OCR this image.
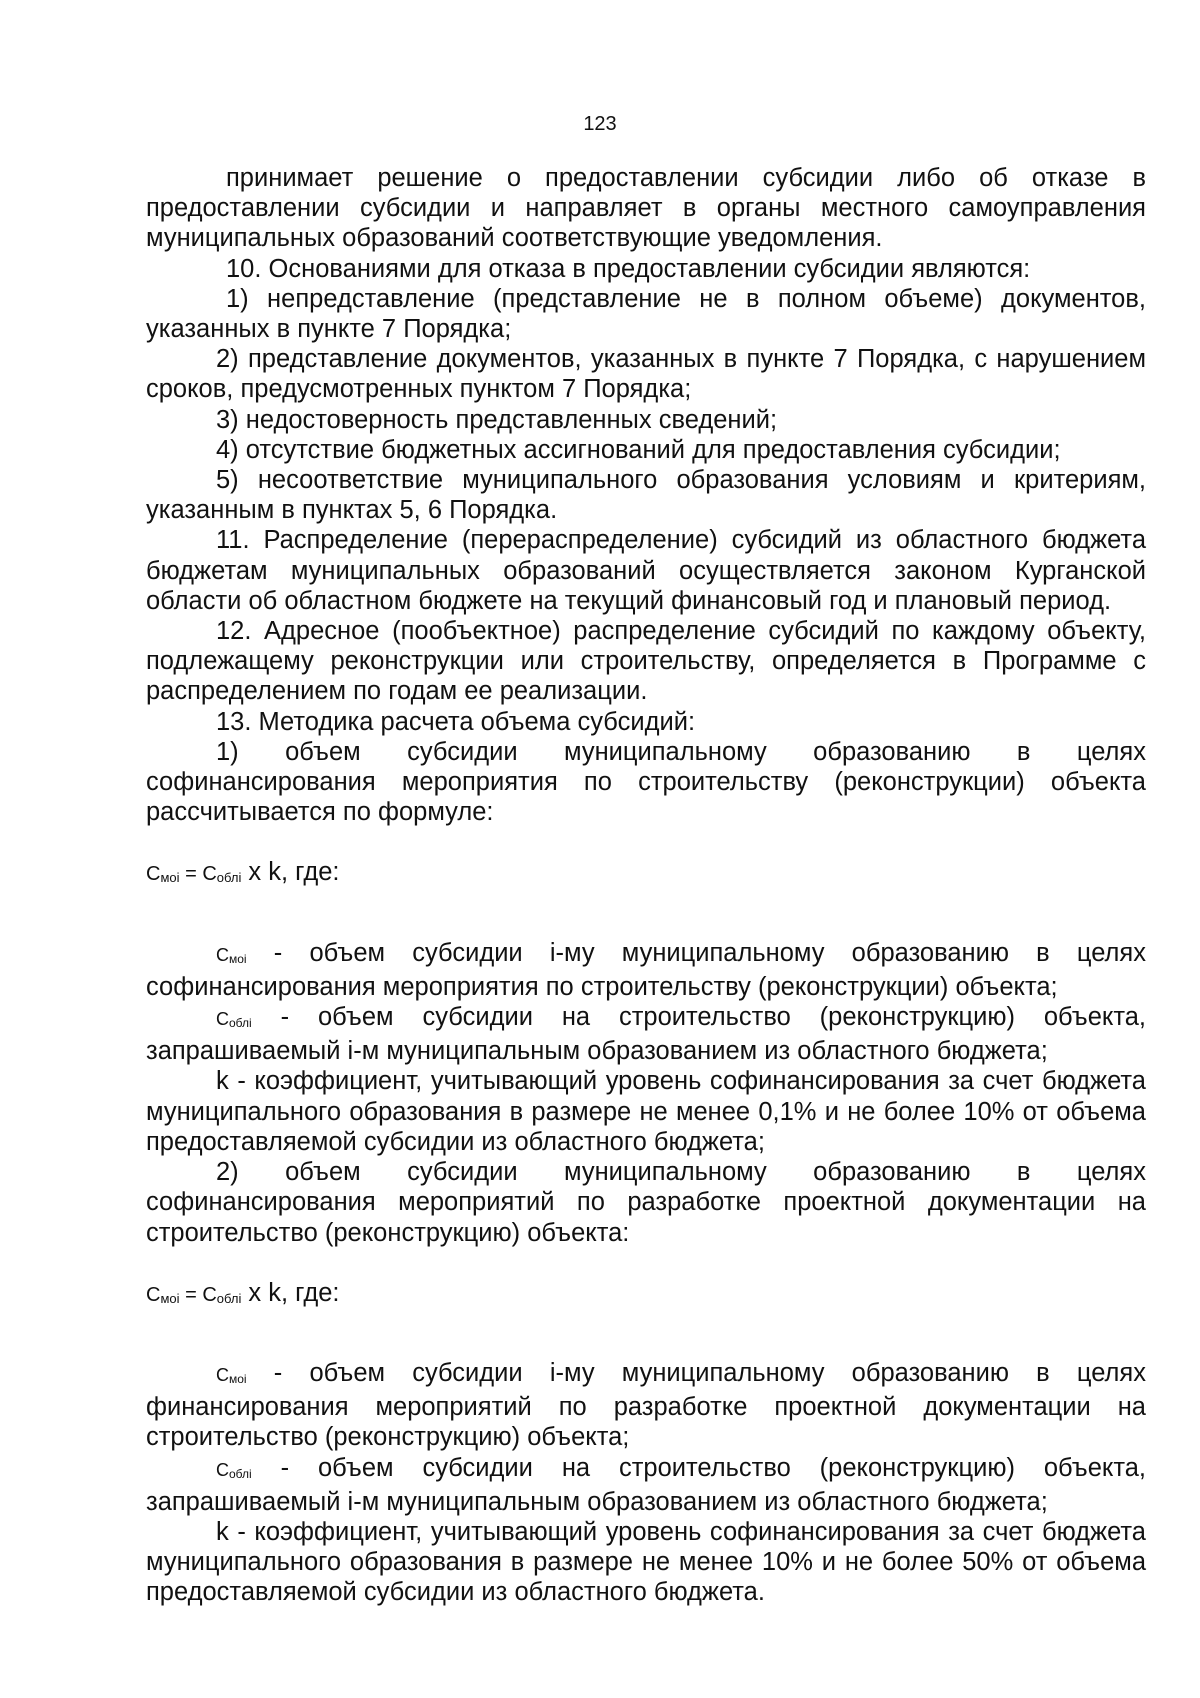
123

принимает решение о предоставлении субсидии либо об отказе в предоставлении субсидии и направляет в органы местного самоуправления муниципальных образований соответствующие уведомления.

10. Основаниями для отказа в предоставлении субсидии являются:

1) непредставление (представление не в полном объеме) документов, указанных в пункте 7 Порядка;

2) представление документов, указанных в пункте 7 Порядка, с нарушением сроков, предусмотренных пунктом 7 Порядка;

3) недостоверность представленных сведений;

4) отсутствие бюджетных ассигнований для предоставления субсидии;

5) несоответствие муниципального образования условиям и критериям, указанным в пунктах 5, 6 Порядка.

11. Распределение (перераспределение) субсидий из областного бюджета бюджетам муниципальных образований осуществляется законом Курганской области об областном бюджете на текущий финансовый год и плановый период.

12. Адресное (пообъектное) распределение субсидий по каждому объекту, подлежащему реконструкции или строительству, определяется в Программе с распределением по годам ее реализации.

13. Методика расчета объема субсидий:

1) объем субсидии муниципальному образованию в целях софинансирования мероприятия по строительству (реконструкции) объекта рассчитывается по формуле:

$C_{моi} = C_{облi}$ x k, где:

$C_{моi}$ - объем субсидии i-му муниципальному образованию в целях софинансирования мероприятия по строительству (реконструкции) объекта;

$C_{облi}$ - объем субсидии на строительство (реконструкцию) объекта, запрашиваемый i-м муниципальным образованием из областного бюджета;

k - коэффициент, учитывающий уровень софинансирования за счет бюджета муниципального образования в размере не менее 0,1% и не более 10% от объема предоставляемой субсидии из областного бюджета;

2) объем субсидии муниципальному образованию в целях софинансирования мероприятий по разработке проектной документации на строительство (реконструкцию) объекта:

$C_{моi} = C_{облi}$ x k, где:

$C_{моi}$ - объем субсидии i-му муниципальному образованию в целях финансирования мероприятий по разработке проектной документации на строительство (реконструкцию) объекта;

$C_{облi}$ - объем субсидии на строительство (реконструкцию) объекта, запрашиваемый i-м муниципальным образованием из областного бюджета;

k - коэффициент, учитывающий уровень софинансирования за счет бюджета муниципального образования в размере не менее 10% и не более 50% от объема предоставляемой субсидии из областного бюджета.
